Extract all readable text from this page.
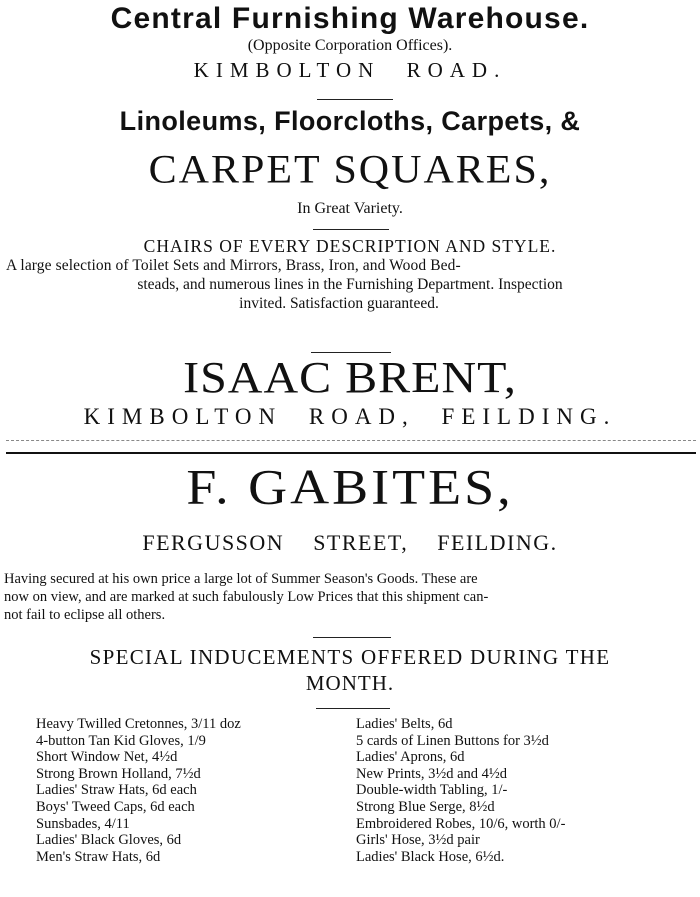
Central Furnishing Warehouse.
(Opposite Corporation Offices).
KIMBOLTON ROAD.
Linoleums, Floorcloths, Carpets, &
CARPET SQUARES,
In Great Variety.
CHAIRS OF EVERY DESCRIPTION AND STYLE.
A large selection of Toilet Sets and Mirrors, Brass, Iron, and Wood Bed-
steads, and numerous lines in the Furnishing Department. Inspection
invited. Satisfaction guaranteed.
ISAAC BRENT,
KIMBOLTON ROAD, FEILDING.
F. GABITES,
FERGUSSON STREET, FEILDING.
Having secured at his own price a large lot of Summer Season's Goods. These are
now on view, and are marked at such fabulously Low Prices that this shipment can-
not fail to eclipse all others.
SPECIAL INDUCEMENTS OFFERED DURING THE
MONTH.
Heavy Twilled Cretonnes, 3/11 doz
4-button Tan Kid Gloves, 1/9
Short Window Net, 4½d
Strong Brown Holland, 7½d
Ladies' Straw Hats, 6d each
Boys' Tweed Caps, 6d each
Sunsbades, 4/11
Ladies' Black Gloves, 6d
Men's Straw Hats, 6d
Ladies' Belts, 6d
5 cards of Linen Buttons for 3½d
Ladies' Aprons, 6d
New Prints, 3½d and 4½d
Double-width Tabling, 1/-
Strong Blue Serge, 8½d
Embroidered Robes, 10/6, worth 0/-
Girls' Hose, 3½d pair
Ladies' Black Hose, 6½d.
